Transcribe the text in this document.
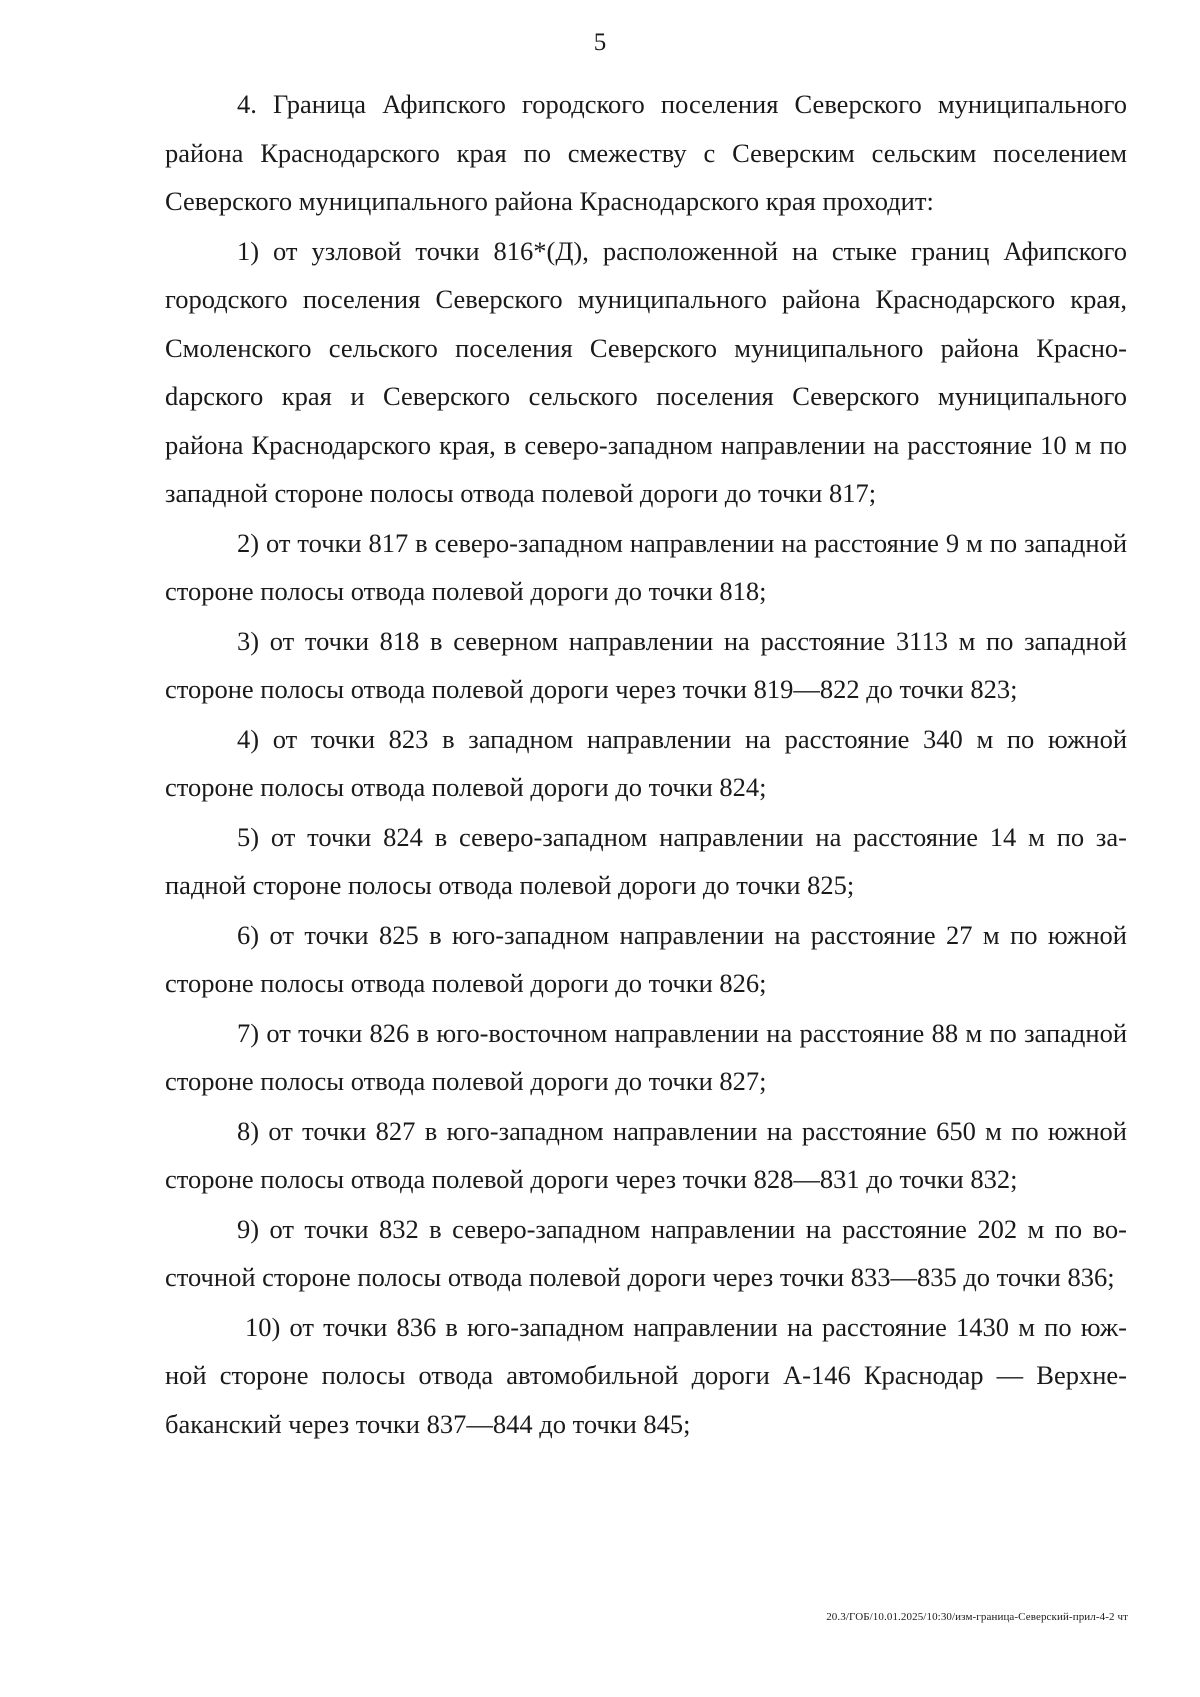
5

4. Граница Афипского городского поселения Северского муниципального района Краснодарского края по смежеству с Северским сельским поселением Северского муниципального района Краснодарского края проходит:

1) от узловой точки 816*(Д), расположенной на стыке границ Афипского городского поселения Северского муниципального района Краснодарского края, Смоленского сельского поселения Северского муниципального района Красноdарского края и Северского сельского поселения Северского муниципального района Краснодарского края, в северо-западном направлении на расстояние 10 м по западной стороне полосы отвода полевой дороги до точки 817;

2) от точки 817 в северо-западном направлении на расстояние 9 м по западной стороне полосы отвода полевой дороги до точки 818;

3) от точки 818 в северном направлении на расстояние 3113 м по западной стороне полосы отвода полевой дороги через точки 819—822 до точки 823;

4) от точки 823 в западном направлении на расстояние 340 м по южной стороне полосы отвода полевой дороги до точки 824;

5) от точки 824 в северо-западном направлении на расстояние 14 м по западной стороне полосы отвода полевой дороги до точки 825;

6) от точки 825 в юго-западном направлении на расстояние 27 м по южной стороне полосы отвода полевой дороги до точки 826;

7) от точки 826 в юго-восточном направлении на расстояние 88 м по западной стороне полосы отвода полевой дороги до точки 827;

8) от точки 827 в юго-западном направлении на расстояние 650 м по южной стороне полосы отвода полевой дороги через точки 828—831 до точки 832;

9) от точки 832 в северо-западном направлении на расстояние 202 м по восточной стороне полосы отвода полевой дороги через точки 833—835 до точки 836;

10) от точки 836 в юго-западном направлении на расстояние 1430 м по южной стороне полосы отвода автомобильной дороги А-146 Краснодар — Верхнебаканский через точки 837—844 до точки 845;

20.3/ГОБ/10.01.2025/10:30/изм-граница-Северский-прил-4-2 чт
